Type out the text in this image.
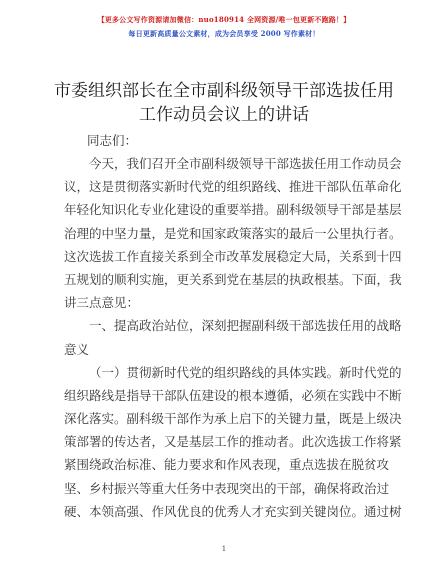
【更多公文写作资源请加微信：nuo180914 全网资源/唯一包更新不跑路！】
每日更新高质量公文素材，成为会员享受 2000 写作素材！
市委组织部长在全市副科级领导干部选拔任用
工作动员会议上的讲话
同志们：
今天，我们召开全市副科级领导干部选拔任用工作动员会
议，这是贯彻落实新时代党的组织路线、推进干部队伍革命化
年轻化知识化专业化建设的重要举措。副科级领导干部是基层
治理的中坚力量，是党和国家政策落实的最后一公里执行者。
这次选拔工作直接关系到全市改革发展稳定大局，关系到十四
五规划的顺利实施，更关系到党在基层的执政根基。下面，我
讲三点意见：
一、提高政治站位，深刻把握副科级干部选拔任用的战略
意义
（一）贯彻新时代党的组织路线的具体实践。新时代党的
组织路线是指导干部队伍建设的根本遵循，必须在实践中不断
深化落实。副科级干部作为承上启下的关键力量，既是上级决
策部署的传达者，又是基层工作的推动者。此次选拔工作将紧
紧围绕政治标准、能力要求和作风表现，重点选拔在脱贫攻
坚、乡村振兴等重大任务中表现突出的干部，确保将政治过
硬、本领高强、作风优良的优秀人才充实到关键岗位。通过树
1
